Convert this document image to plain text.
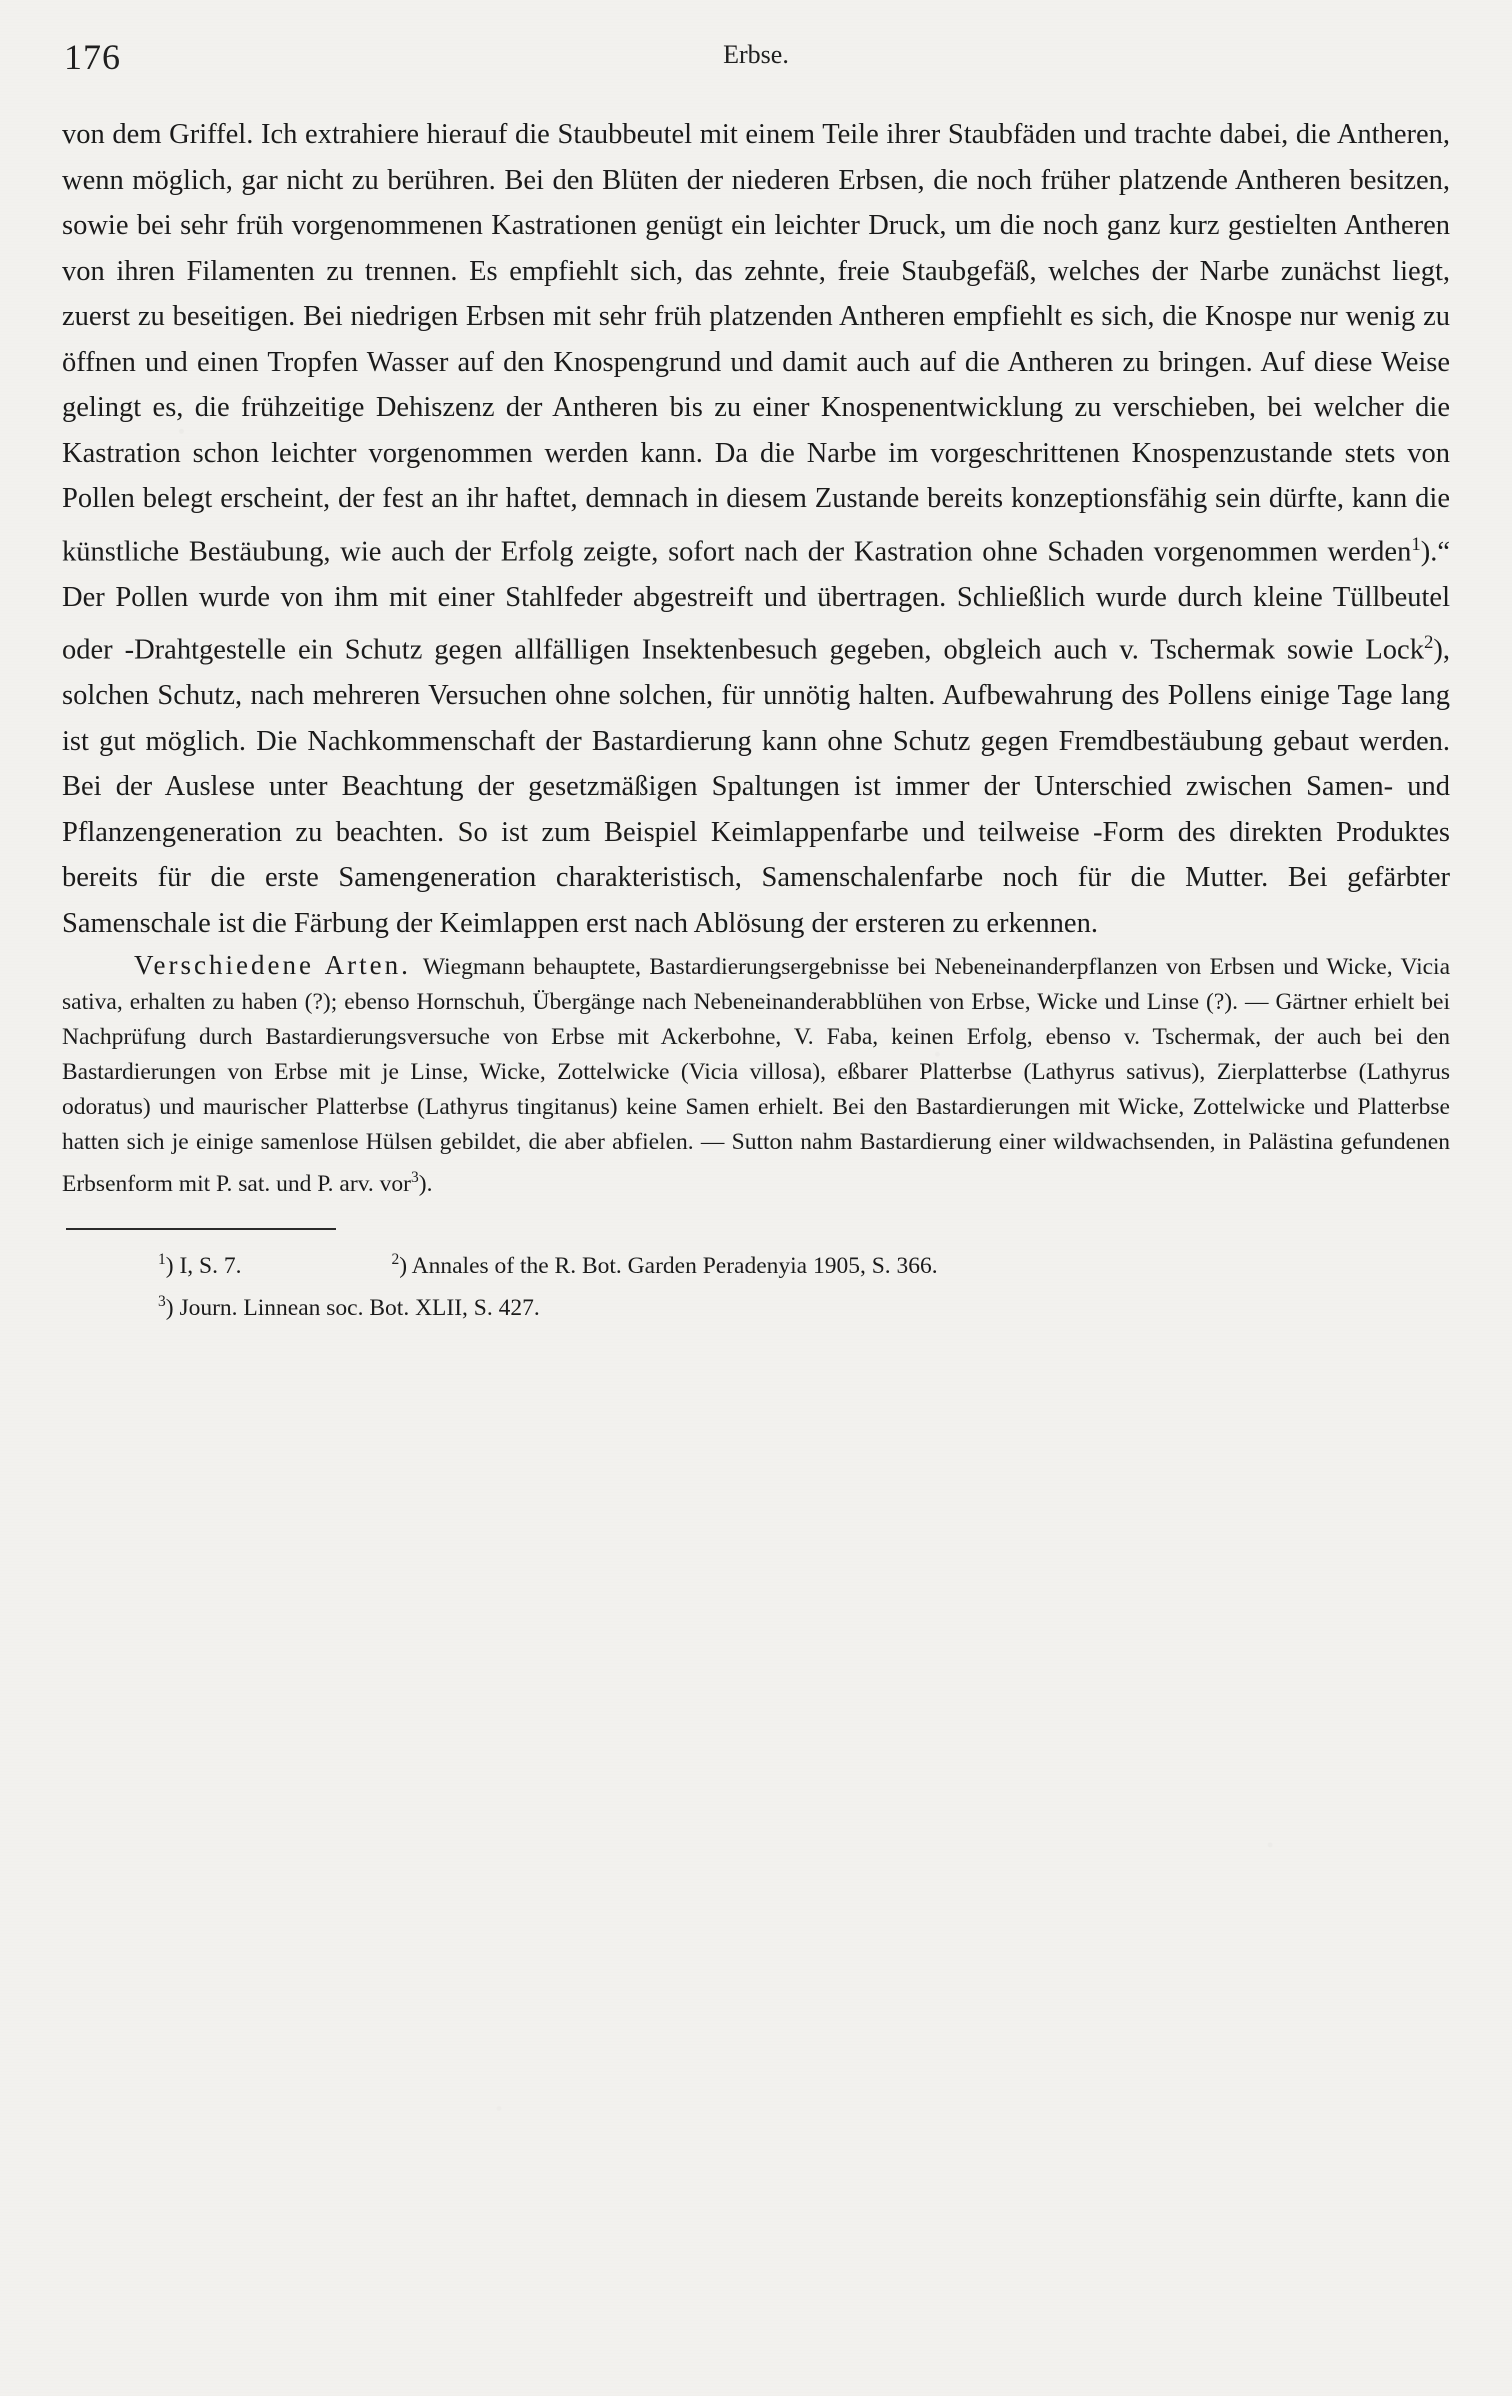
176	Erbse.

von dem Griffel. Ich extrahiere hierauf die Staubbeutel mit einem Teile ihrer Staubfäden und trachte dabei, die Antheren, wenn möglich, gar nicht zu berühren. Bei den Blüten der niederen Erbsen, die noch früher platzende Antheren besitzen, sowie bei sehr früh vorgenommenen Kastrationen genügt ein leichter Druck, um die noch ganz kurz gestielten Antheren von ihren Filamenten zu trennen. Es empfiehlt sich, das zehnte, freie Staubgefäß, welches der Narbe zunächst liegt, zuerst zu beseitigen. Bei niedrigen Erbsen mit sehr früh platzenden Antheren empfiehlt es sich, die Knospe nur wenig zu öffnen und einen Tropfen Wasser auf den Knospengrund und damit auch auf die Antheren zu bringen. Auf diese Weise gelingt es, die frühzeitige Dehiszenz der Antheren bis zu einer Knospenentwicklung zu verschieben, bei welcher die Kastration schon leichter vorgenommen werden kann. Da die Narbe im vorgeschrittenen Knospenzustande stets von Pollen belegt erscheint, der fest an ihr haftet, demnach in diesem Zustande bereits konzeptionsfähig sein dürfte, kann die künstliche Bestäubung, wie auch der Erfolg zeigte, sofort nach der Kastration ohne Schaden vorgenommen werden$^1$).“ Der Pollen wurde von ihm mit einer Stahlfeder abgestreift und übertragen. Schließlich wurde durch kleine Tüllbeutel oder -Drahtgestelle ein Schutz gegen allfälligen Insektenbesuch gegeben, obgleich auch v. Tschermak sowie Lock$^2$), solchen Schutz, nach mehreren Versuchen ohne solchen, für unnötig halten. Aufbewahrung des Pollens einige Tage lang ist gut möglich. Die Nachkommenschaft der Bastardierung kann ohne Schutz gegen Fremdbestäubung gebaut werden. Bei der Auslese unter Beachtung der gesetzmäßigen Spaltungen ist immer der Unterschied zwischen Samen- und Pflanzengeneration zu beachten. So ist zum Beispiel Keimlappenfarbe und teilweise -Form des direkten Produktes bereits für die erste Samengeneration charakteristisch, Samenschalenfarbe noch für die Mutter. Bei gefärbter Samenschale ist die Färbung der Keimlappen erst nach Ablösung der ersteren zu erkennen.

Verschiedene Arten. Wiegmann behauptete, Bastardierungsergebnisse bei Nebeneinanderpflanzen von Erbsen und Wicke, Vicia sativa, erhalten zu haben (?); ebenso Hornschuh, Übergänge nach Nebeneinanderabblühen von Erbse, Wicke und Linse (?). — Gärtner erhielt bei Nachprüfung durch Bastardierungsversuche von Erbse mit Ackerbohne, V. Faba, keinen Erfolg, ebenso v. Tschermak, der auch bei den Bastardierungen von Erbse mit je Linse, Wicke, Zottelwicke (Vicia villosa), eßbarer Platterbse (Lathyrus sativus), Zierplatterbse (Lathyrus odoratus) und maurischer Platterbse (Lathyrus tingitanus) keine Samen erhielt. Bei den Bastardierungen mit Wicke, Zottelwicke und Platterbse hatten sich je einige samenlose Hülsen gebildet, die aber abfielen. — Sutton nahm Bastardierung einer wildwachsenden, in Palästina gefundenen Erbsenform mit P. sat. und P. arv. vor$^3$).

$^1$) I, S. 7.	$^2$) Annales of the R. Bot. Garden Peradenyia 1905, S. 366.
$^3$) Journ. Linnean soc. Bot. XLII, S. 427.
